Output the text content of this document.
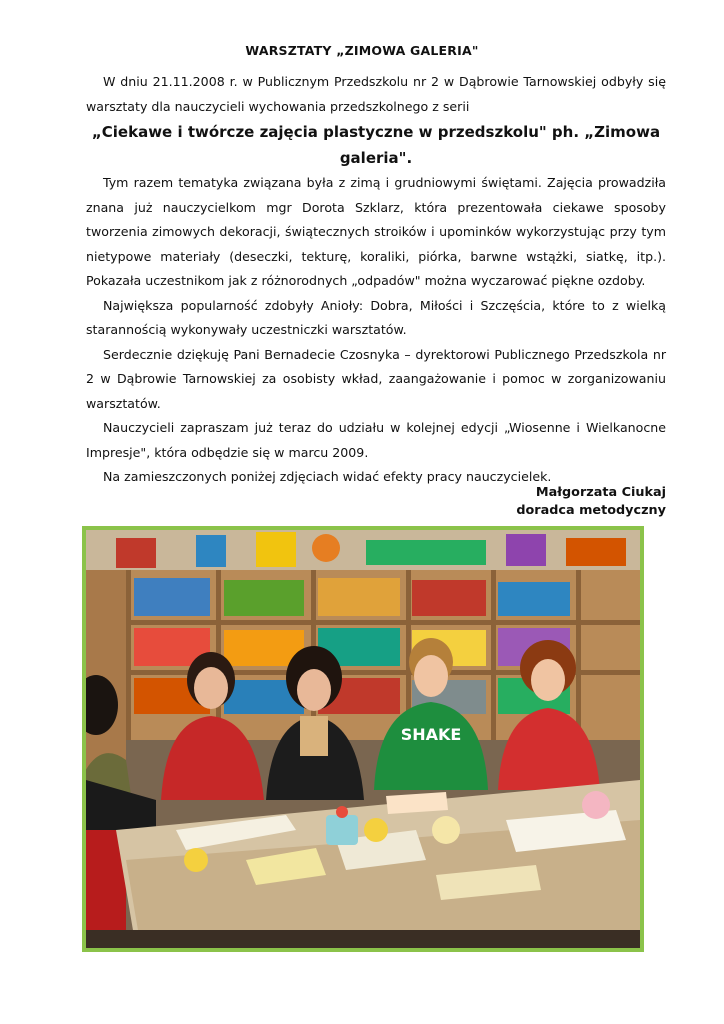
WARSZTATY „ZIMOWA GALERIA"

W dniu 21.11.2008 r. w Publicznym Przedszkolu nr 2 w Dąbrowie Tarnowskiej odbyły się warsztaty dla nauczycieli wychowania przedszkolnego z serii

„Ciekawe i twórcze zajęcia plastyczne w przedszkolu" ph. „Zimowa galeria".

Tym razem tematyka związana była z zimą i grudniowymi świętami. Zajęcia prowadziła znana już nauczycielkom mgr Dorota Szklarz, która prezentowała ciekawe sposoby tworzenia zimowych dekoracji, świątecznych stroików i upominków wykorzystując przy tym nietypowe materiały (deseczki, tekturę, koraliki, piórka, barwne wstążki, siatkę, itp.). Pokazała uczestnikom jak z różnorodnych „odpadów" można wyczarować piękne ozdoby.

Największa popularność zdobyły Anioły: Dobra, Miłości i Szczęścia, które to z wielką starannością wykonywały uczestniczki warsztatów.

Serdecznie dziękuję Pani Bernadecie Czosnyka – dyrektorowi Publicznego Przedszkola nr 2 w Dąbrowie Tarnowskiej za osobisty wkład, zaangażowanie i pomoc w zorganizowaniu warsztatów.

Nauczycieli zapraszam już teraz do udziału w kolejnej edycji „Wiosenne i Wielkanocne Impresje", która odbędzie się w marcu 2009.

Na zamieszczonych poniżej zdjęciach widać efekty pracy nauczycielek.

Małgorzata Ciukaj
doradca metodyczny
SHAKE
